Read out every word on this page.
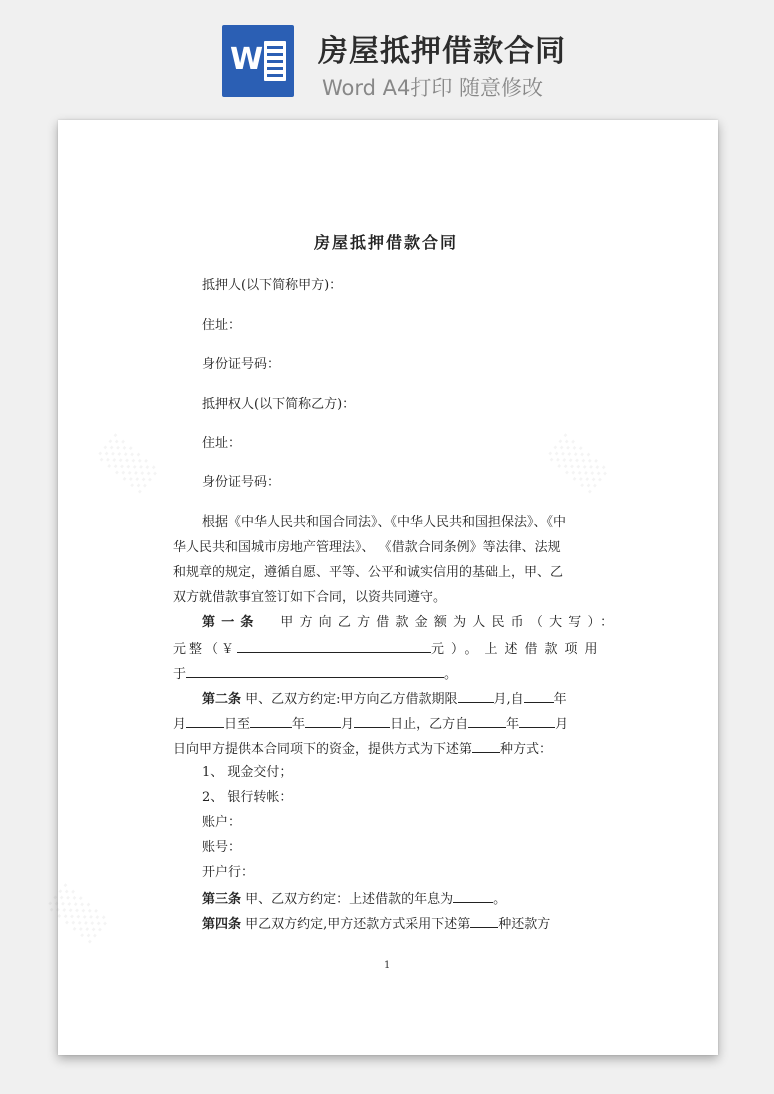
W 房屋抵押借款合同
Word A4打印 随意修改
░░░	░░░
░░░
房屋抵押借款合同
抵押人(以下简称甲方)：
住址：
身份证号码：
抵押权人(以下简称乙方)：
住址：
身份证号码：
根据《中华人民共和国合同法》、《中华人民共和国担保法》、《中
华人民共和国城市房地产管理法》、 《借款合同条例》等法律、法规
和规章的规定，遵循自愿、平等、公平和诚实信用的基础上，甲、乙
双方就借款事宜签订如下合同，以资共同遵守。
第一条 甲方向乙方借款金额为人民币（大写）：
元整（￥	元）。上述借款项用
于	。
第二条 甲、乙双方约定:甲方向乙方借款期限	月,自 年
月	日至	年	月	日止，乙方自	年	月
日向甲方提供本合同项下的资金，提供方式为下述第 种方式：
1、 现金交付；
2、 银行转帐：
账户：
账号：
开户行：
第三条 甲、乙双方约定：上述借款的年息为	。
第四条 甲乙双方约定,甲方还款方式采用下述第 种还款方
1
